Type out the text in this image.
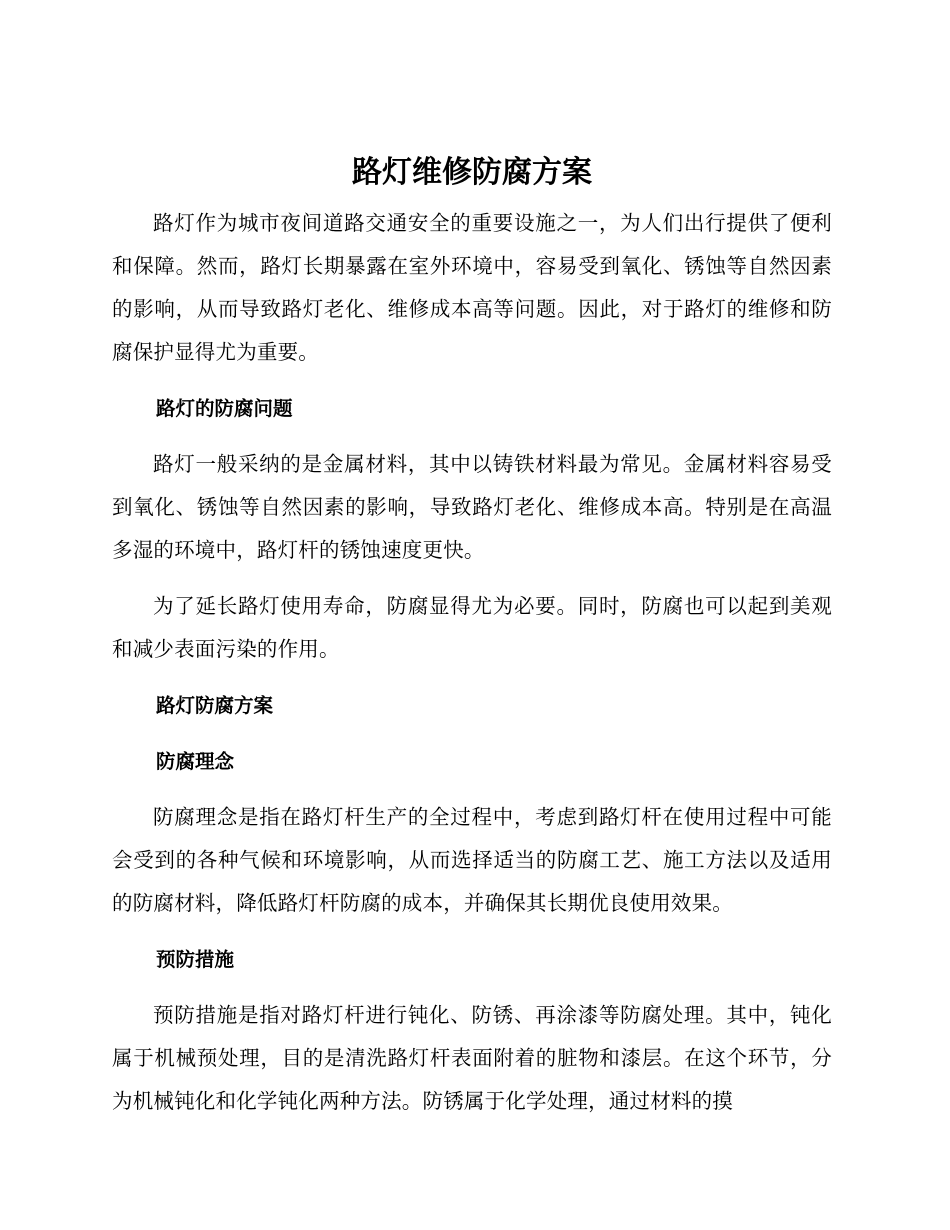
路灯维修防腐方案

路灯作为城市夜间道路交通安全的重要设施之一，为人们出行提供了便利和保障。然而，路灯长期暴露在室外环境中，容易受到氧化、锈蚀等自然因素的影响，从而导致路灯老化、维修成本高等问题。因此，对于路灯的维修和防腐保护显得尤为重要。

路灯的防腐问题

路灯一般采纳的是金属材料，其中以铸铁材料最为常见。金属材料容易受到氧化、锈蚀等自然因素的影响，导致路灯老化、维修成本高。特别是在高温多湿的环境中，路灯杆的锈蚀速度更快。

为了延长路灯使用寿命，防腐显得尤为必要。同时，防腐也可以起到美观和减少表面污染的作用。

路灯防腐方案
防腐理念

防腐理念是指在路灯杆生产的全过程中，考虑到路灯杆在使用过程中可能会受到的各种气候和环境影响，从而选择适当的防腐工艺、施工方法以及适用的防腐材料，降低路灯杆防腐的成本，并确保其长期优良使用效果。

预防措施

预防措施是指对路灯杆进行钝化、防锈、再涂漆等防腐处理。其中，钝化属于机械预处理，目的是清洗路灯杆表面附着的脏物和漆层。在这个环节，分为机械钝化和化学钝化两种方法。防锈属于化学处理，通过材料的摸
